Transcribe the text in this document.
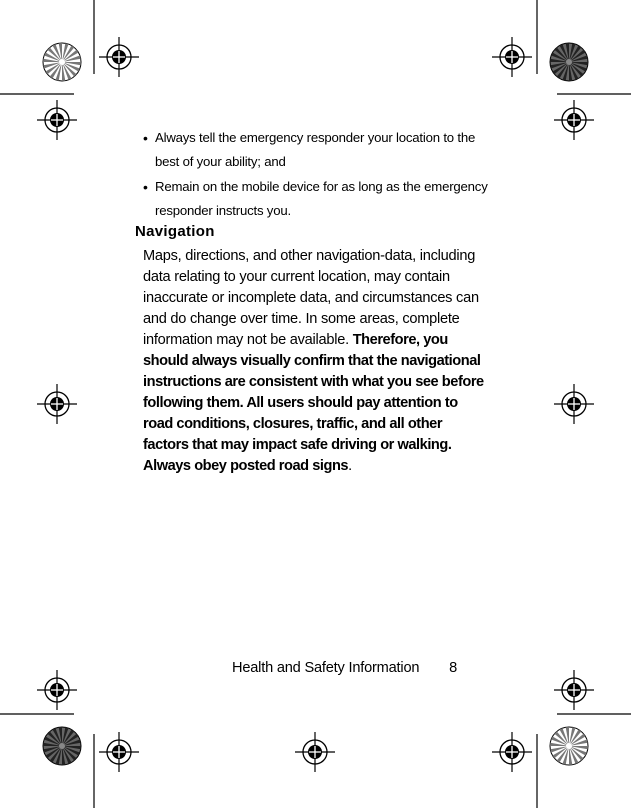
• Always tell the emergency responder your location to the best of your ability; and
• Remain on the mobile device for as long as the emergency responder instructs you.
Navigation

Maps, directions, and other navigation-data, including data relating to your current location, may contain inaccurate or incomplete data, and circumstances can and do change over time. In some areas, complete information may not be available. Therefore, you should always visually confirm that the navigational instructions are consistent with what you see before following them. All users should pay attention to road conditions, closures, traffic, and all other factors that may impact safe driving or walking. Always obey posted road signs.

Health and Safety Information 8
